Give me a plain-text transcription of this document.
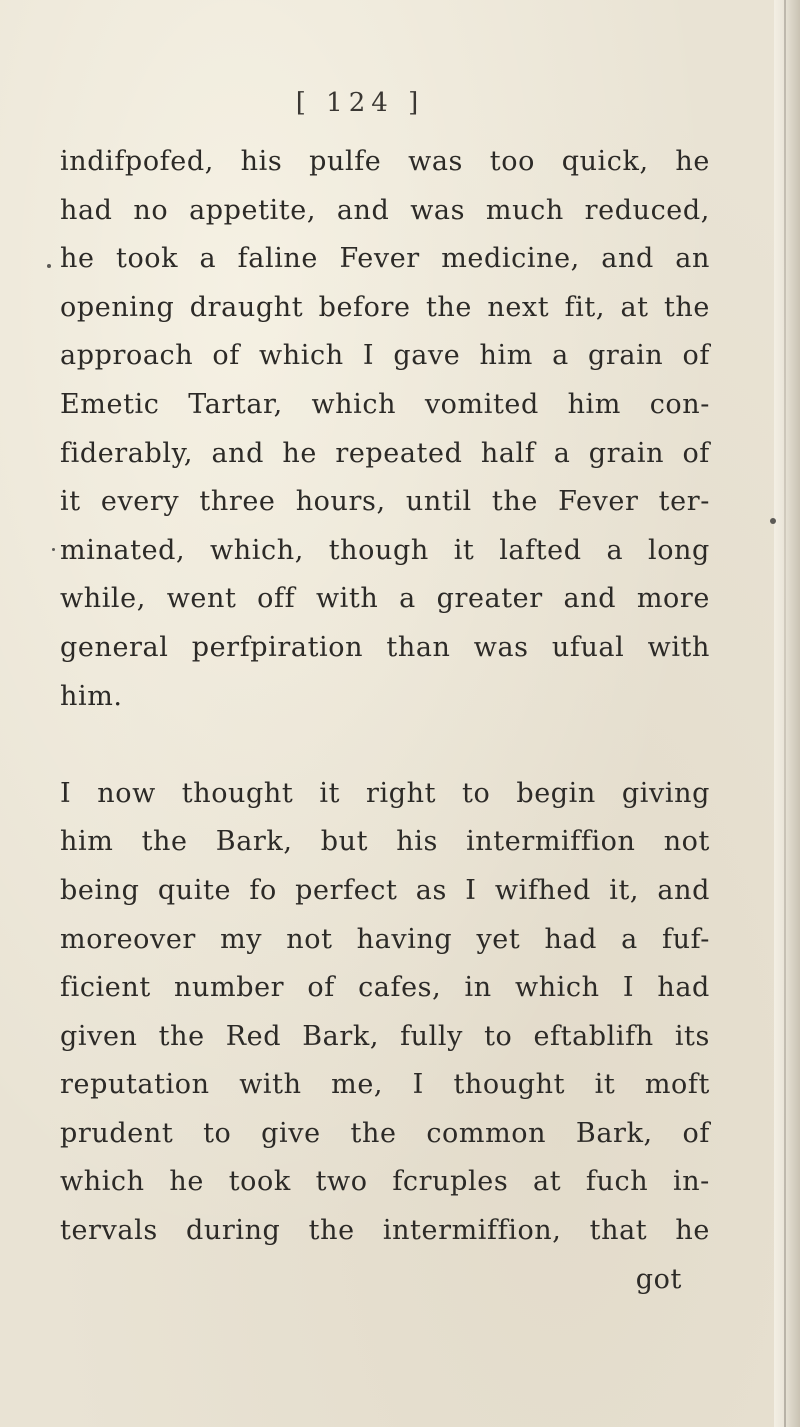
[ 124 ]
indifpofed, his pulfe was too quick, he
had no appetite, and was much reduced,
he took a faline Fever medicine, and an
opening draught before the next fit, at the
approach of which I gave him a grain of
Emetic Tartar, which vomited him con-
fiderably, and he repeated half a grain of
it every three hours, until the Fever ter-
minated, which, though it lafted a long
while, went off with a greater and more
general perfpiration than was ufual with
him.
I now thought it right to begin giving
him the Bark, but his intermiffion not
being quite fo perfect as I wifhed it, and
moreover my not having yet had a fuf-
ficient number of cafes, in which I had
given the Red Bark, fully to eftablifh its
reputation with me, I thought it moft
prudent to give the common Bark, of
which he took two fcruples at fuch in-
tervals during the intermiffion, that he
got
